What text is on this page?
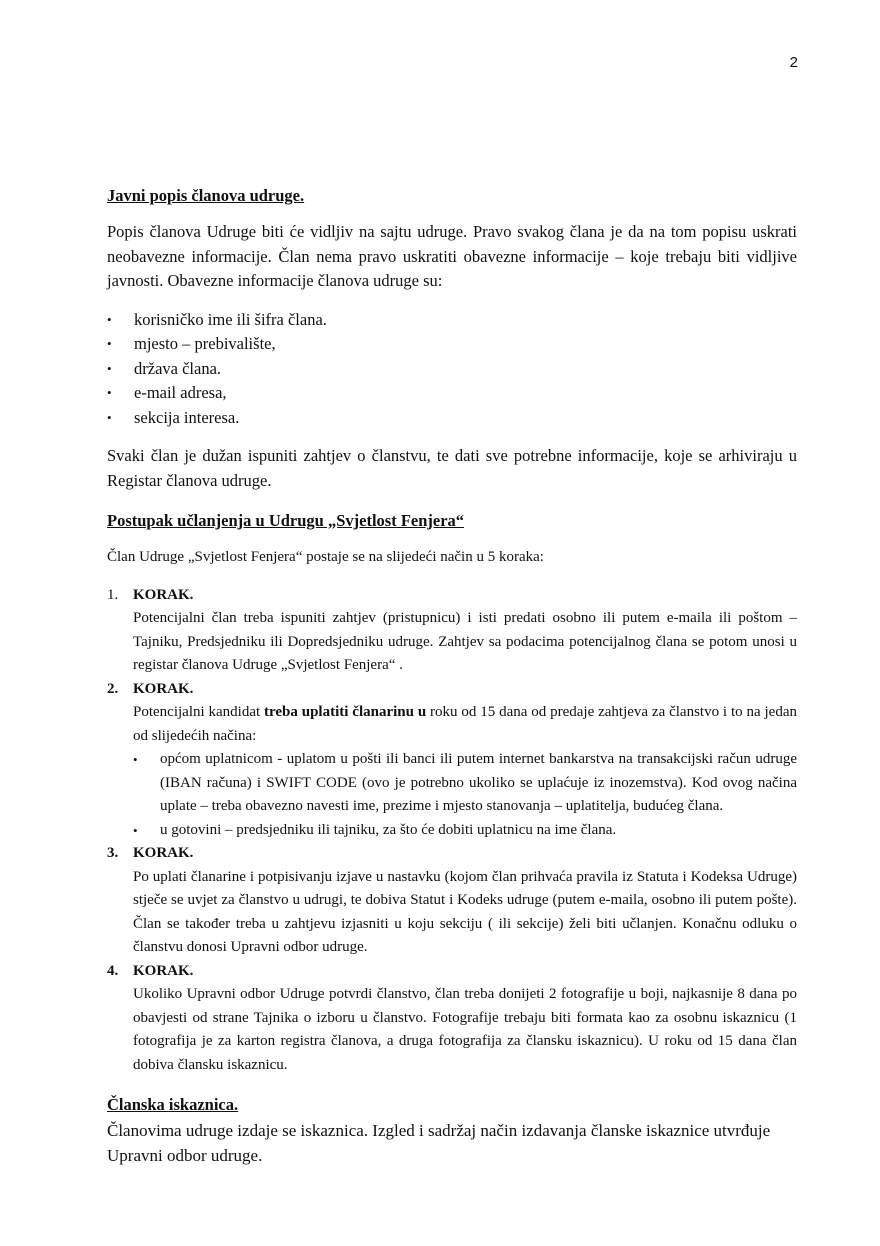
2
Javni popis članova udruge.

Popis članova Udruge biti će vidljiv na sajtu udruge. Pravo svakog člana je da na tom popisu uskrati neobavezne informacije. Član nema pravo uskratiti obavezne informacije – koje trebaju biti vidljive javnosti. Obavezne informacije članova udruge su:

• korisničko ime ili šifra člana.
• mjesto – prebivalište,
• država člana.
• e-mail adresa,
• sekcija interesa.

Svaki član je dužan ispuniti zahtjev o članstvu, te dati sve potrebne informacije, koje se arhiviraju u Registar članova udruge.

Postupak učlanjenja u Udrugu „Svjetlost Fenjera“

Član Udruge „Svjetlost Fenjera“ postaje se na slijedeći način u 5 koraka:

1. KORAK.

Potencijalni član treba ispuniti zahtjev (pristupnicu) i isti predati osobno ili putem e-maila ili poštom – Tajniku, Predsjedniku ili Dopredsjedniku udruge. Zahtjev sa podacima potencijalnog člana se potom unosi u registar članova Udruge „Svjetlost Fenjera“ .

2. KORAK.

Potencijalni kandidat treba uplatiti članarinu u roku od 15 dana od predaje zahtjeva za članstvo i to na jedan od slijedećih načina:

• općom uplatnicom - uplatom u pošti ili banci ili putem internet bankarstva na transakcijski račun udruge (IBAN računa) i SWIFT CODE (ovo je potrebno ukoliko se uplaćuje iz inozemstva). Kod ovog načina uplate – treba obavezno navesti ime, prezime i mjesto stanovanja – uplatitelja, budućeg člana.
• u gotovini – predsjedniku ili tajniku, za što će dobiti uplatnicu na ime člana.
3. KORAK.

Po uplati članarine i potpisivanju izjave u nastavku (kojom član prihvaća pravila iz Statuta i Kodeksa Udruge) stječe se uvjet za članstvo u udrugi, te dobiva Statut i Kodeks udruge (putem e-maila, osobno ili putem pošte). Član se također treba u zahtjevu izjasniti u koju sekciju ( ili sekcije) želi biti učlanjen. Konačnu odluku o članstvu donosi Upravni odbor udruge.

4. KORAK.

Ukoliko Upravni odbor Udruge potvrdi članstvo, član treba donijeti 2 fotografije u boji, najkasnije 8 dana po obavjesti od strane Tajnika o izboru u članstvo. Fotografije trebaju biti formata kao za osobnu iskaznicu (1 fotografija je za karton registra članova, a druga fotografija za člansku iskaznicu). U roku od 15 dana član dobiva člansku iskaznicu.

Članska iskaznica.

Članovima udruge izdaje se iskaznica. Izgled i sadržaj način izdavanja članske iskaznice utvrđuje Upravni odbor udruge.
